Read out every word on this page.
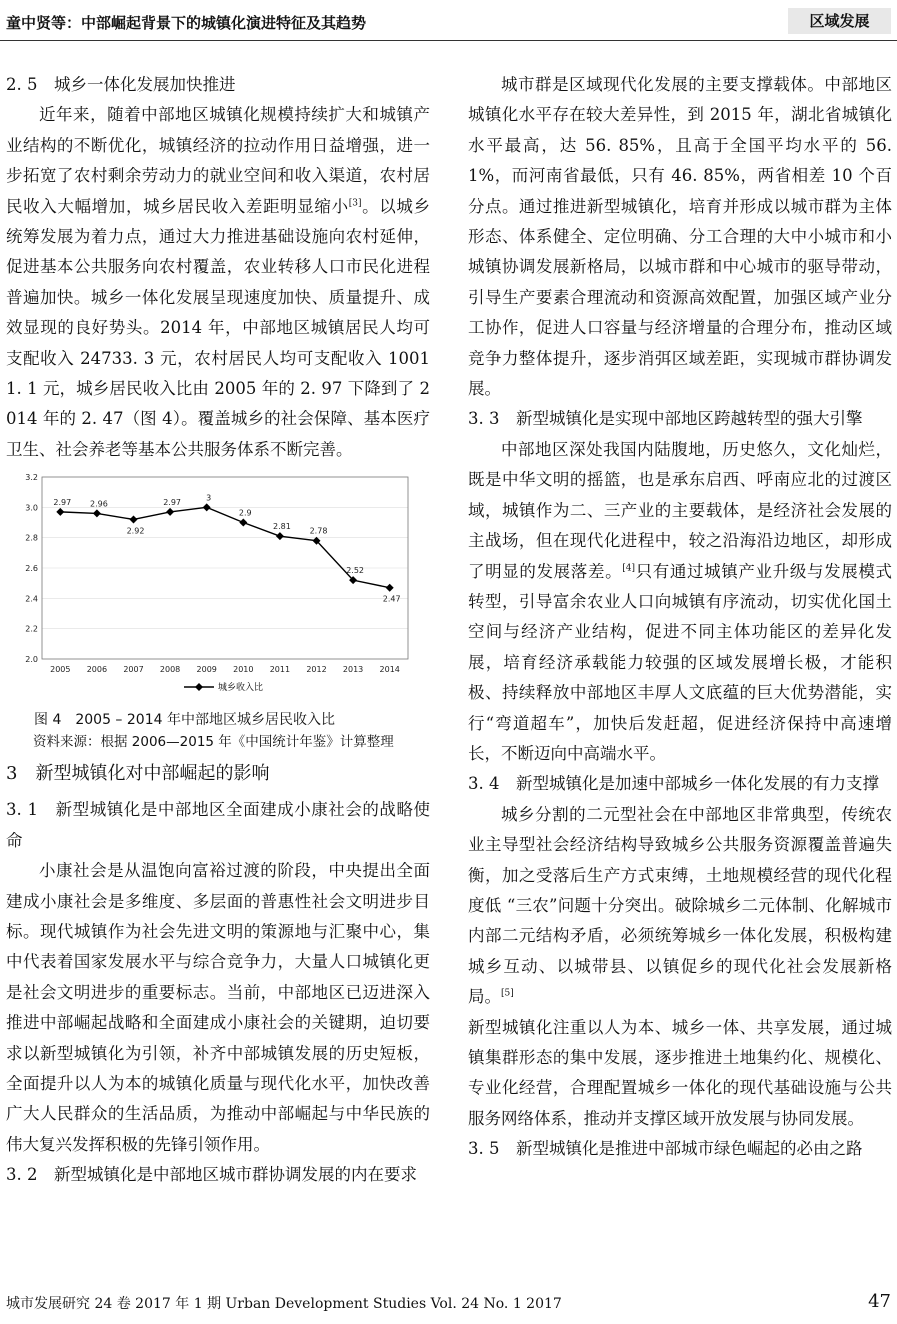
童中贤等：中部崛起背景下的城镇化演进特征及其趋势	区域发展
2. 5　城乡一体化发展加快推进

近年来，随着中部地区城镇化规模持续扩大和城镇产业结构的不断优化，城镇经济的拉动作用日益增强，进一步拓宽了农村剩余劳动力的就业空间和收入渠道，农村居民收入大幅增加，城乡居民收入差距明显缩小[3]。以城乡统筹发展为着力点，通过大力推进基础设施向农村延伸，促进基本公共服务向农村覆盖，农业转移人口市民化进程普遍加快。城乡一体化发展呈现速度加快、质量提升、成效显现的良好势头。2014 年，中部地区城镇居民人均可支配收入 24733. 3 元，农村居民人均可支配收入 10011. 1 元，城乡居民收入比由 2005 年的 2. 97 下降到了 2014 年的 2. 47（图 4）。覆盖城乡的社会保障、基本医疗卫生、社会养老等基本公共服务体系不断完善。

3.2
3.0
2.8
2.6
2.4
2.2
2.0
2005 2006 2007 2008 2009 2010 2011 2012 2013 2014
2.97 2.96
2.92
2.97
3
2.9
2.81
2.78
2.52
2.47
城乡收入比

图 4　2005 – 2014 年中部地区城乡居民收入比

资料来源：根据 2006—2015 年《中国统计年鉴》计算整理

3 新型城镇化对中部崛起的影响
3. 1　新型城镇化是中部地区全面建成小康社会的战略使命

小康社会是从温饱向富裕过渡的阶段，中央提出全面建成小康社会是多维度、多层面的普惠性社会文明进步目标。现代城镇作为社会先进文明的策源地与汇聚中心，集中代表着国家发展水平与综合竞争力，大量人口城镇化更是社会文明进步的重要标志。当前，中部地区已迈进深入推进中部崛起战略和全面建成小康社会的关键期，迫切要求以新型城镇化为引领，补齐中部城镇发展的历史短板，全面提升以人为本的城镇化质量与现代化水平，加快改善广大人民群众的生活品质，为推动中部崛起与中华民族的伟大复兴发挥积极的先锋引领作用。

3. 2　新型城镇化是中部地区城市群协调发展的内在要求

城市群是区域现代化发展的主要支撑载体。中部地区城镇化水平存在较大差异性，到 2015 年，湖北省城镇化水平最高，达 56. 85%，且高于全国平均水平的 56. 1%，而河南省最低，只有 46. 85%，两省相差 10 个百分点。通过推进新型城镇化，培育并形成以城市群为主体形态、体系健全、定位明确、分工合理的大中小城市和小城镇协调发展新格局，以城市群和中心城市的驱导带动，引导生产要素合理流动和资源高效配置，加强区域产业分工协作，促进人口容量与经济增量的合理分布，推动区域竞争力整体提升，逐步消弭区域差距，实现城市群协调发展。

3. 3　新型城镇化是实现中部地区跨越转型的强大引擎

中部地区深处我国内陆腹地，历史悠久，文化灿烂，既是中华文明的摇篮，也是承东启西、呼南应北的过渡区域，城镇作为二、三产业的主要载体，是经济社会发展的主战场，但在现代化进程中，较之沿海沿边地区，却形成了明显的发展落差。[4]只有通过城镇产业升级与发展模式转型，引导富余农业人口向城镇有序流动，切实优化国土空间与经济产业结构，促进不同主体功能区的差异化发展，培育经济承载能力较强的区域发展增长极，才能积极、持续释放中部地区丰厚人文底蕴的巨大优势潜能，实行“弯道超车”，加快后发赶超，促进经济保持中高速增长，不断迈向中高端水平。

3. 4　新型城镇化是加速中部城乡一体化发展的有力支撑

城乡分割的二元型社会在中部地区非常典型，传统农业主导型社会经济结构导致城乡公共服务资源覆盖普遍失衡，加之受落后生产方式束缚，土地规模经营的现代化程度低 “三农”问题十分突出。破除城乡二元体制、化解城市内部二元结构矛盾，必须统筹城乡一体化发展，积极构建城乡互动、以城带县、以镇促乡的现代化社会发展新格局。[5]

新型城镇化注重以人为本、城乡一体、共享发展，通过城镇集群形态的集中发展，逐步推进土地集约化、规模化、专业化经营，合理配置城乡一体化的现代基础设施与公共服务网络体系，推动并支撑区域开放发展与协同发展。

3. 5　新型城镇化是推进中部城市绿色崛起的必由之路
城市发展研究 24 卷 2017 年 1 期 Urban Development Studies Vol. 24 No. 1 2017	47
